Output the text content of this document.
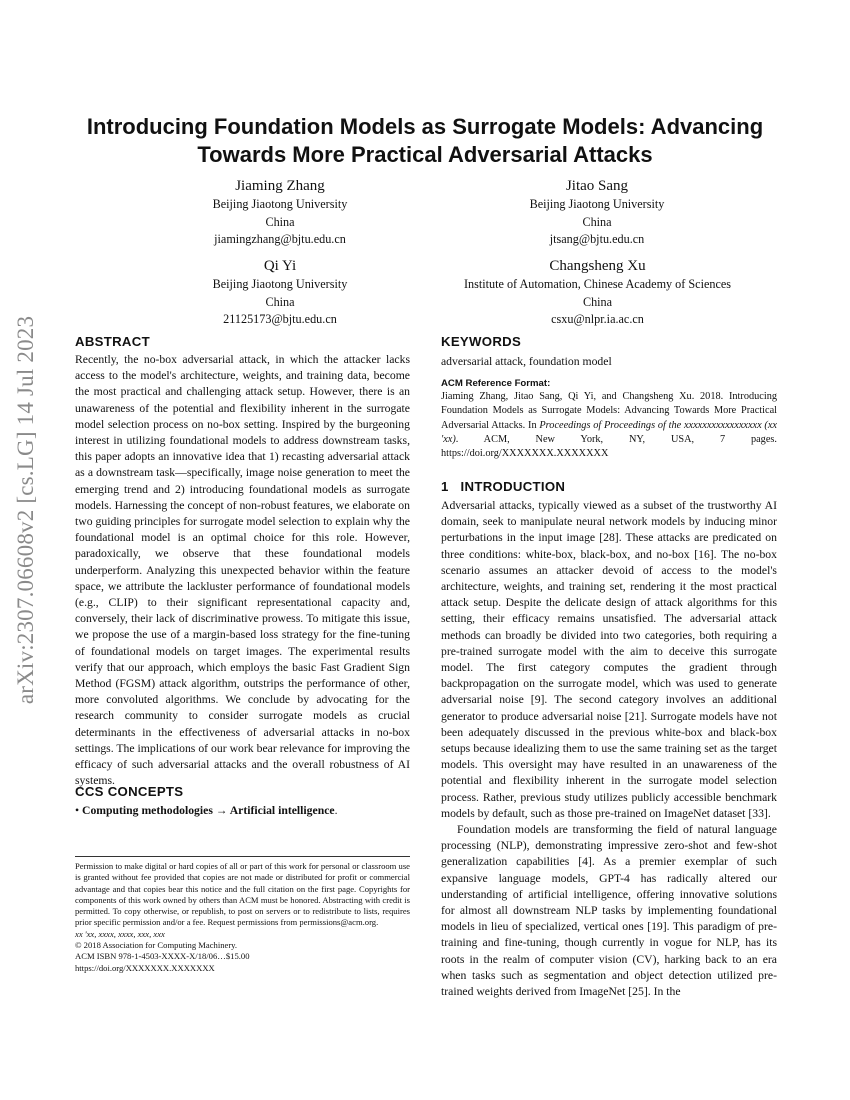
arXiv:2307.06608v2 [cs.LG] 14 Jul 2023
Introducing Foundation Models as Surrogate Models: Advancing Towards More Practical Adversarial Attacks
Jiaming Zhang
Beijing Jiaotong University
China
jiamingzhang@bjtu.edu.cn
Jitao Sang
Beijing Jiaotong University
China
jtsang@bjtu.edu.cn
Qi Yi
Beijing Jiaotong University
China
21125173@bjtu.edu.cn
Changsheng Xu
Institute of Automation, Chinese Academy of Sciences
China
csxu@nlpr.ia.ac.cn
ABSTRACT

Recently, the no-box adversarial attack, in which the attacker lacks access to the model's architecture, weights, and training data, become the most practical and challenging attack setup. However, there is an unawareness of the potential and flexibility inherent in the surrogate model selection process on no-box setting. Inspired by the burgeoning interest in utilizing foundational models to address downstream tasks, this paper adopts an innovative idea that 1) recasting adversarial attack as a downstream task—specifically, image noise generation to meet the emerging trend and 2) introducing foundational models as surrogate models. Harnessing the concept of non-robust features, we elaborate on two guiding principles for surrogate model selection to explain why the foundational model is an optimal choice for this role. However, paradoxically, we observe that these foundational models underperform. Analyzing this unexpected behavior within the feature space, we attribute the lackluster performance of foundational models (e.g., CLIP) to their significant representational capacity and, conversely, their lack of discriminative prowess. To mitigate this issue, we propose the use of a margin-based loss strategy for the fine-tuning of foundational models on target images. The experimental results verify that our approach, which employs the basic Fast Gradient Sign Method (FGSM) attack algorithm, outstrips the performance of other, more convoluted algorithms. We conclude by advocating for the research community to consider surrogate models as crucial determinants in the effectiveness of adversarial attacks in no-box settings. The implications of our work bear relevance for improving the efficacy of such adversarial attacks and the overall robustness of AI systems.

CCS CONCEPTS
• Computing methodologies → Artificial intelligence.
Permission to make digital or hard copies of all or part of this work for personal or classroom use is granted without fee provided that copies are not made or distributed for profit or commercial advantage and that copies bear this notice and the full citation on the first page. Copyrights for components of this work owned by others than ACM must be honored. Abstracting with credit is permitted. To copy otherwise, or republish, to post on servers or to redistribute to lists, requires prior specific permission and/or a fee. Request permissions from permissions@acm.org.
xx 'xx, xxxx, xxxx, xxx, xxx
© 2018 Association for Computing Machinery.
ACM ISBN 978-1-4503-XXXX-X/18/06…$15.00
https://doi.org/XXXXXXX.XXXXXXX
KEYWORDS
adversarial attack, foundation model
ACM Reference Format:
Jiaming Zhang, Jitao Sang, Qi Yi, and Changsheng Xu. 2018. Introducing Foundation Models as Surrogate Models: Advancing Towards More Practical Adversarial Attacks. In Proceedings of Proceedings of the xxxxxxxxxxxxxxxxx (xx 'xx). ACM, New York, NY, USA, 7 pages. https://doi.org/XXXXXXX.XXXXXXX
1 INTRODUCTION

Adversarial attacks, typically viewed as a subset of the trustworthy AI domain, seek to manipulate neural network models by inducing minor perturbations in the input image [28]. These attacks are predicated on three conditions: white-box, black-box, and no-box [16]. The no-box scenario assumes an attacker devoid of access to the model's architecture, weights, and training set, rendering it the most practical attack setup. Despite the delicate design of attack algorithms for this setting, their efficacy remains unsatisfied. The adversarial attack methods can broadly be divided into two categories, both requiring a pre-trained surrogate model with the aim to deceive this surrogate model. The first category computes the gradient through backpropagation on the surrogate model, which was used to generate adversarial noise [9]. The second category involves an additional generator to produce adversarial noise [21]. Surrogate models have not been adequately discussed in the previous white-box and black-box setups because idealizing them to use the same training set as the target models. This oversight may have resulted in an unawareness of the potential and flexibility inherent in the surrogate model selection process. Rather, previous study utilizes publicly accessible benchmark models by default, such as those pre-trained on ImageNet dataset [33].

Foundation models are transforming the field of natural language processing (NLP), demonstrating impressive zero-shot and few-shot generalization capabilities [4]. As a premier exemplar of such expansive language models, GPT-4 has radically altered our understanding of artificial intelligence, offering innovative solutions for almost all downstream NLP tasks by implementing foundational models in lieu of specialized, vertical ones [19]. This paradigm of pre-training and fine-tuning, though currently in vogue for NLP, has its roots in the realm of computer vision (CV), harking back to an era when tasks such as segmentation and object detection utilized pre-trained weights derived from ImageNet [25]. In the
